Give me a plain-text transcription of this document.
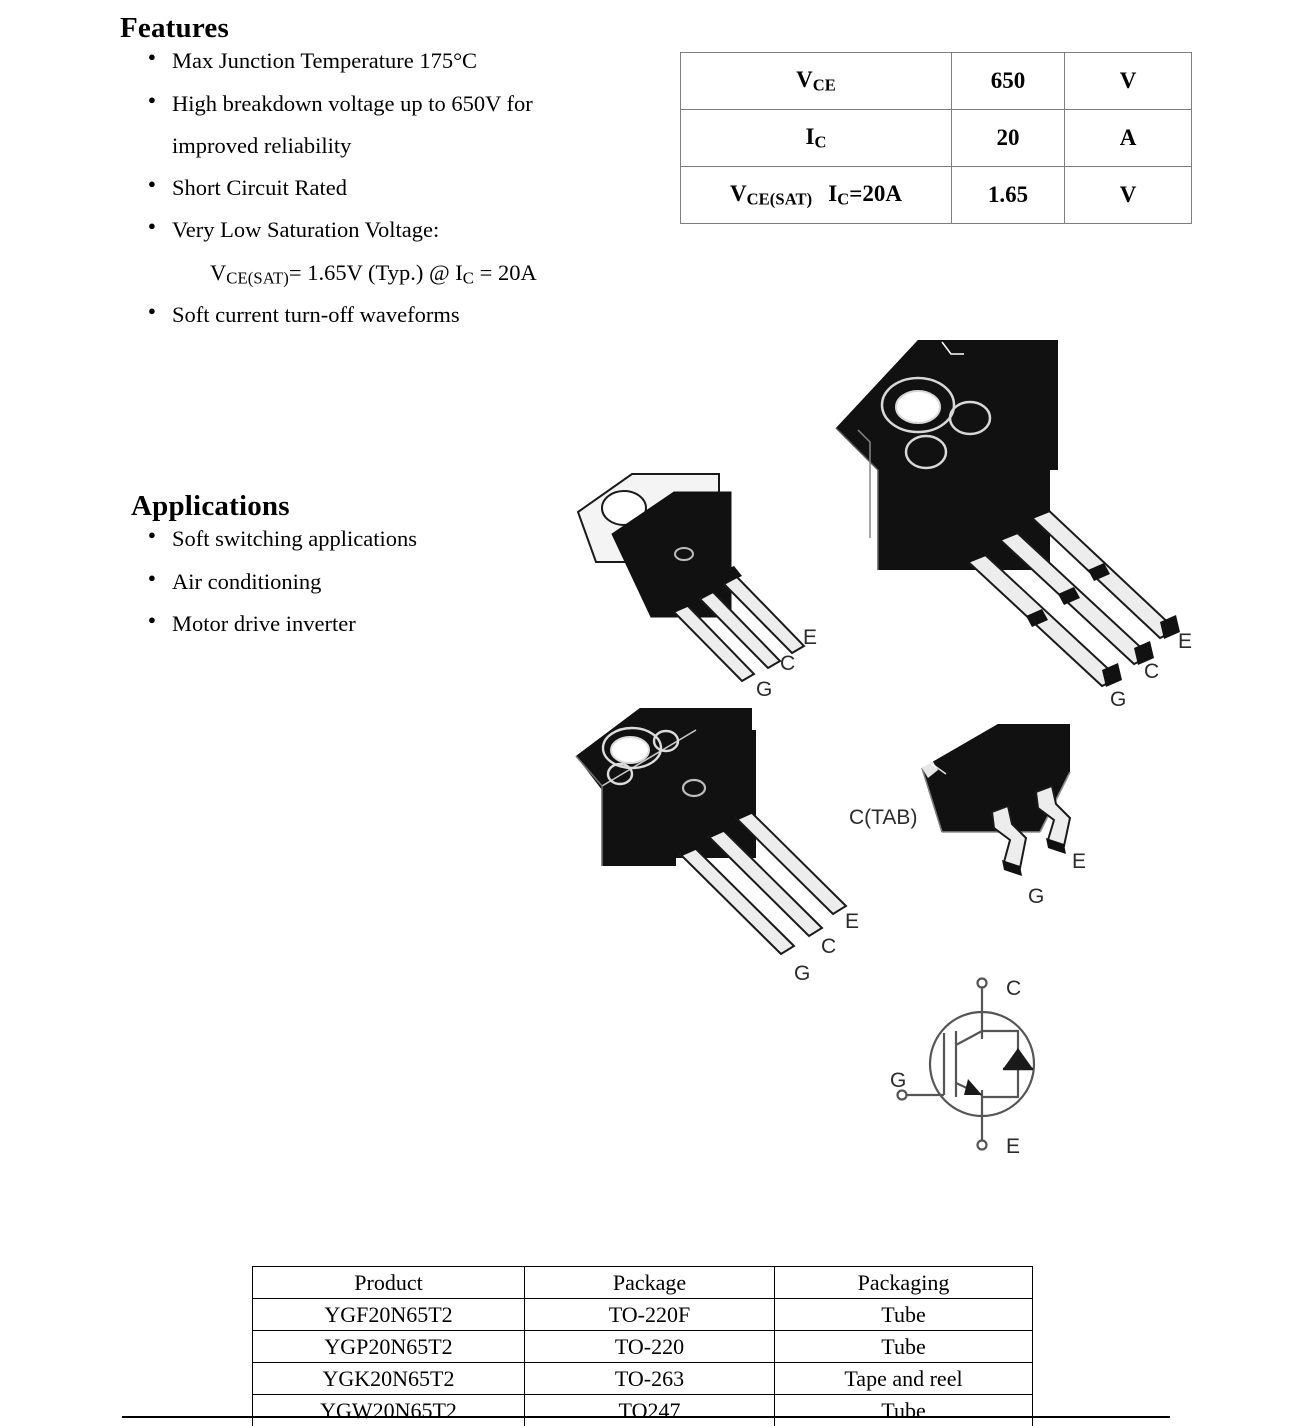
Features
● Max Junction Temperature 175°C
● High breakdown voltage up to 650V for
improved reliability
● Short Circuit Rated
● Very Low Saturation Voltage:
$V_{CE(SAT)}= 1.65V$ (Typ.) @ $I_C = 20A$
● Soft current turn-off waveforms
$V_{CE}$	650	V
$I_C$	20	A
$V_{CE(SAT)}$ $I_C=20A$	1.65	V
Applications
● Soft switching applications
● Air conditioning
● Motor drive inverter
E
C
G
E
C
G
E
C
G
C(TAB)
E
G
C
G
E
Product	Package	Packaging
YGF20N65T2	TO-220F	Tube
YGP20N65T2	TO-220	Tube
YGK20N65T2	TO-263	Tape and reel
YGW20N65T2	TO247	Tube
